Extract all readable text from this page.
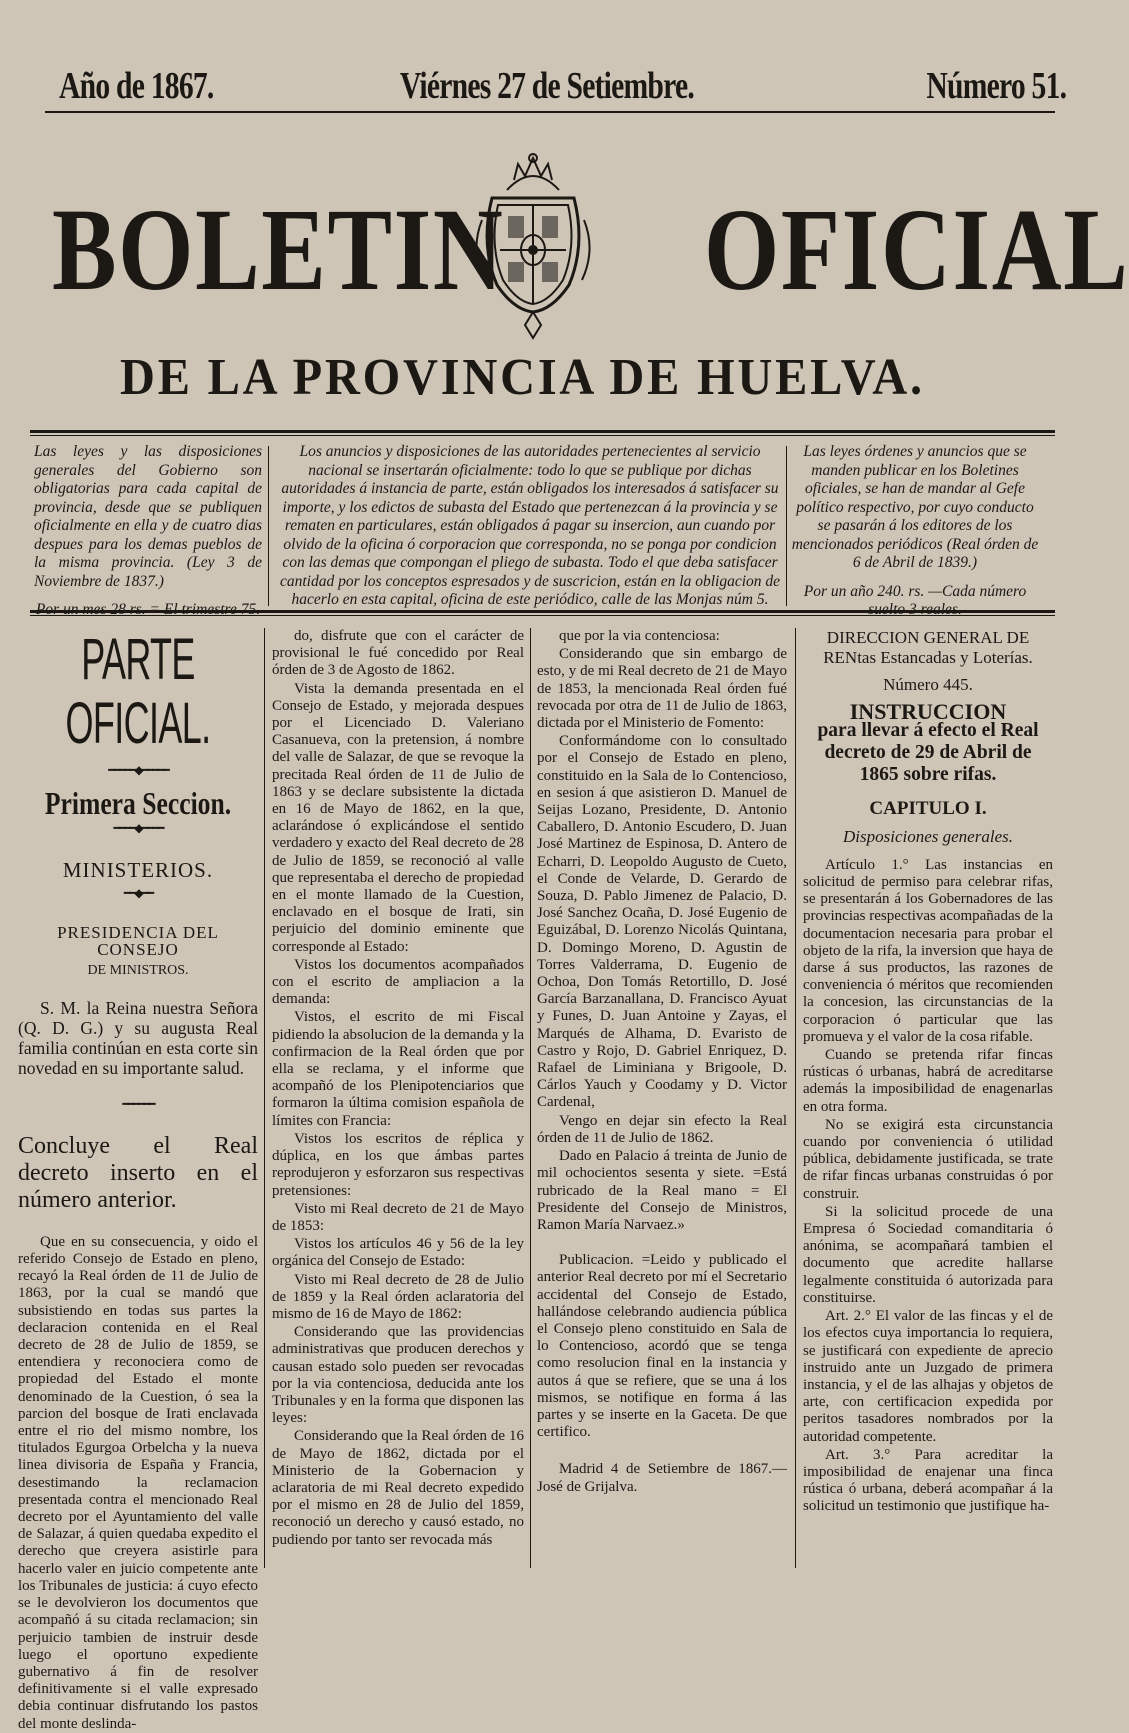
Año de 1867.	Viérnes 27 de Setiembre.	Número 51.
BOLETIN OFICIAL
DE LA PROVINCIA DE HUELVA.
Las leyes y las disposiciones generales del Gobierno son obligatorias para cada capital de provincia, desde que se publiquen oficialmente en ella y de cuatro dias despues para los demas pueblos de la misma provincia. (Ley 3 de Noviembre de 1837.)
Por un mes 28 rs. = El trimestre 75.
Los anuncios y disposiciones de las autoridades pertenecientes al servicio nacional se insertarán oficialmente: todo lo que se publique por dichas autoridades á instancia de parte, están obligados los interesados á satisfacer su importe, y los edictos de subasta del Estado que pertenezcan á la provincia y se rematen en particulares, están obligados á pagar su insercion, aun cuando por olvido de la oficina ó corporacion que corresponda, no se ponga por condicion con las demas que compongan el pliego de subasta. Todo el que deba satisfacer cantidad por los conceptos espresados y de suscricion, están en la obligacion de hacerlo en esta capital, oficina de este periódico, calle de las Monjas núm 5.
Las leyes órdenes y anuncios que se manden publicar en los Boletines oficiales, se han de mandar al Gefe político respectivo, por cuyo conducto se pasarán á los editores de los mencionados periódicos (Real órden de 6 de Abril de 1839.)
Por un año 240. rs. —Cada número suelto 3 reales.
PARTE OFICIAL.
━━━━━◆━━━━━
Primera Seccion.
━━━━◆━━━━
MINISTERIOS.
━━◆━━
PRESIDENCIA DEL CONSEJO
DE MINISTROS.

S. M. la Reina nuestra Señora (Q. D. G.) y su augusta Real familia continúan en esta corte sin novedad en su importante salud.

━━━━━━
Concluye el Real decreto inserto en el número anterior.

Que en su consecuencia, y oido el referido Consejo de Estado en pleno, recayó la Real órden de 11 de Julio de 1863, por la cual se mandó que subsistiendo en todas sus partes la declaracion contenida en el Real decreto de 28 de Julio de 1859, se entendiera y reconociera como de propiedad del Estado el monte denominado de la Cuestion, ó sea la parcion del bosque de Irati enclavada entre el rio del mismo nombre, los titulados Egurgoa Orbelcha y la nueva linea divisoria de España y Francia, desestimando la reclamacion presentada contra el mencionado Real decreto por el Ayuntamiento del valle de Salazar, á quien quedaba expedito el derecho que creyera asistirle para hacerlo valer en juicio competente ante los Tribunales de justicia: á cuyo efecto se le devolvieron los documentos que acompañó á su citada reclamacion; sin perjuicio tambien de instruir desde luego el oportuno expediente gubernativo á fin de resolver definitivamente si el valle expresado debia continuar disfrutando los pastos del monte deslinda-

do, disfrute que con el carácter de provisional le fué concedido por Real órden de 3 de Agosto de 1862.

Vista la demanda presentada en el Consejo de Estado, y mejorada despues por el Licenciado D. Valeriano Casanueva, con la pretension, á nombre del valle de Salazar, de que se revoque la precitada Real órden de 11 de Julio de 1863 y se declare subsistente la dictada en 16 de Mayo de 1862, en la que, aclarándose ó explicándose el sentido verdadero y exacto del Real decreto de 28 de Julio de 1859, se reconoció al valle que representaba el derecho de propiedad en el monte llamado de la Cuestion, enclavado en el bosque de Irati, sin perjuicio del dominio eminente que corresponde al Estado:

Vistos los documentos acompañados con el escrito de ampliacion a la demanda:

Vistos, el escrito de mi Fiscal pidiendo la absolucion de la demanda y la confirmacion de la Real órden que por ella se reclama, y el informe que acompañó de los Plenipotenciarios que formaron la última comision española de límites con Francia:

Vistos los escritos de réplica y dúplica, en los que ámbas partes reprodujeron y esforzaron sus respectivas pretensiones:

Visto mi Real decreto de 21 de Mayo de 1853:

Vistos los artículos 46 y 56 de la ley orgánica del Consejo de Estado:

Visto mi Real decreto de 28 de Julio de 1859 y la Real órden aclaratoria del mismo de 16 de Mayo de 1862:

Considerando que las providencias administrativas que producen derechos y causan estado solo pueden ser revocadas por la via contenciosa, deducida ante los Tribunales y en la forma que disponen las leyes:

Considerando que la Real órden de 16 de Mayo de 1862, dictada por el Ministerio de la Gobernacion y aclaratoria de mi Real decreto expedido por el mismo en 28 de Julio del 1859, reconoció un derecho y causó estado, no pudiendo por tanto ser revocada más

que por la via contenciosa:

Considerando que sin embargo de esto, y de mi Real decreto de 21 de Mayo de 1853, la mencionada Real órden fué revocada por otra de 11 de Julio de 1863, dictada por el Ministerio de Fomento:

Conformándome con lo consultado por el Consejo de Estado en pleno, constituido en la Sala de lo Contencioso, en sesion á que asistieron D. Manuel de Seijas Lozano, Presidente, D. Antonio Caballero, D. Antonio Escudero, D. Juan José Martinez de Espinosa, D. Antero de Echarri, D. Leopoldo Augusto de Cueto, el Conde de Velarde, D. Gerardo de Souza, D. Pablo Jimenez de Palacio, D. José Sanchez Ocaña, D. José Eugenio de Eguizábal, D. Lorenzo Nicolás Quintana, D. Domingo Moreno, D. Agustin de Torres Valderrama, D. Eugenio de Ochoa, Don Tomás Retortillo, D. José García Barzanallana, D. Francisco Ayuat y Funes, D. Juan Antoine y Zayas, el Marqués de Alhama, D. Evaristo de Castro y Rojo, D. Gabriel Enriquez, D. Rafael de Liminiana y Brigoole, D. Cárlos Yauch y Coodamy y D. Victor Cardenal,

Vengo en dejar sin efecto la Real órden de 11 de Julio de 1862.

Dado en Palacio á treinta de Junio de mil ochocientos sesenta y siete. =Está rubricado de la Real mano = El Presidente del Consejo de Ministros, Ramon María Narvaez.»

Publicacion. =Leido y publicado el anterior Real decreto por mí el Secretario accidental del Consejo de Estado, hallándose celebrando audiencia pública el Consejo pleno constituido en Sala de lo Contencioso, acordó que se tenga como resolucion final en la instancia y autos á que se refiere, que se una á los mismos, se notifique en forma á las partes y se inserte en la Gaceta. De que certifico.

Madrid 4 de Setiembre de 1867.— José de Grijalva.

DIRECCION GENERAL DE RENtas Estancadas y Loterías.
Número 445.
INSTRUCCION
para llevar á efecto el Real decreto de 29 de Abril de 1865 sobre rifas.
CAPITULO I.
Disposiciones generales.

Artículo 1.° Las instancias en solicitud de permiso para celebrar rifas, se presentarán á los Gobernadores de las provincias respectivas acompañadas de la documentacion necesaria para probar el objeto de la rifa, la inversion que haya de darse á sus productos, las razones de conveniencia ó méritos que recomienden la concesion, las circunstancias de la corporacion ó particular que las promueva y el valor de la cosa rifable.

Cuando se pretenda rifar fincas rústicas ó urbanas, habrá de acreditarse además la imposibilidad de enagenarlas en otra forma.

No se exigirá esta circunstancia cuando por conveniencia ó utilidad pública, debidamente justificada, se trate de rifar fincas urbanas construidas ó por construir.

Si la solicitud procede de una Empresa ó Sociedad comanditaria ó anónima, se acompañará tambien el documento que acredite hallarse legalmente constituida ó autorizada para constituirse.

Art. 2.° El valor de las fincas y el de los efectos cuya importancia lo requiera, se justificará con expediente de aprecio instruido ante un Juzgado de primera instancia, y el de las alhajas y objetos de arte, con certificacion expedida por peritos tasadores nombrados por la autoridad competente.

Art. 3.° Para acreditar la imposibilidad de enajenar una finca rústica ó urbana, deberá acompañar á la solicitud un testimonio que justifique ha-
